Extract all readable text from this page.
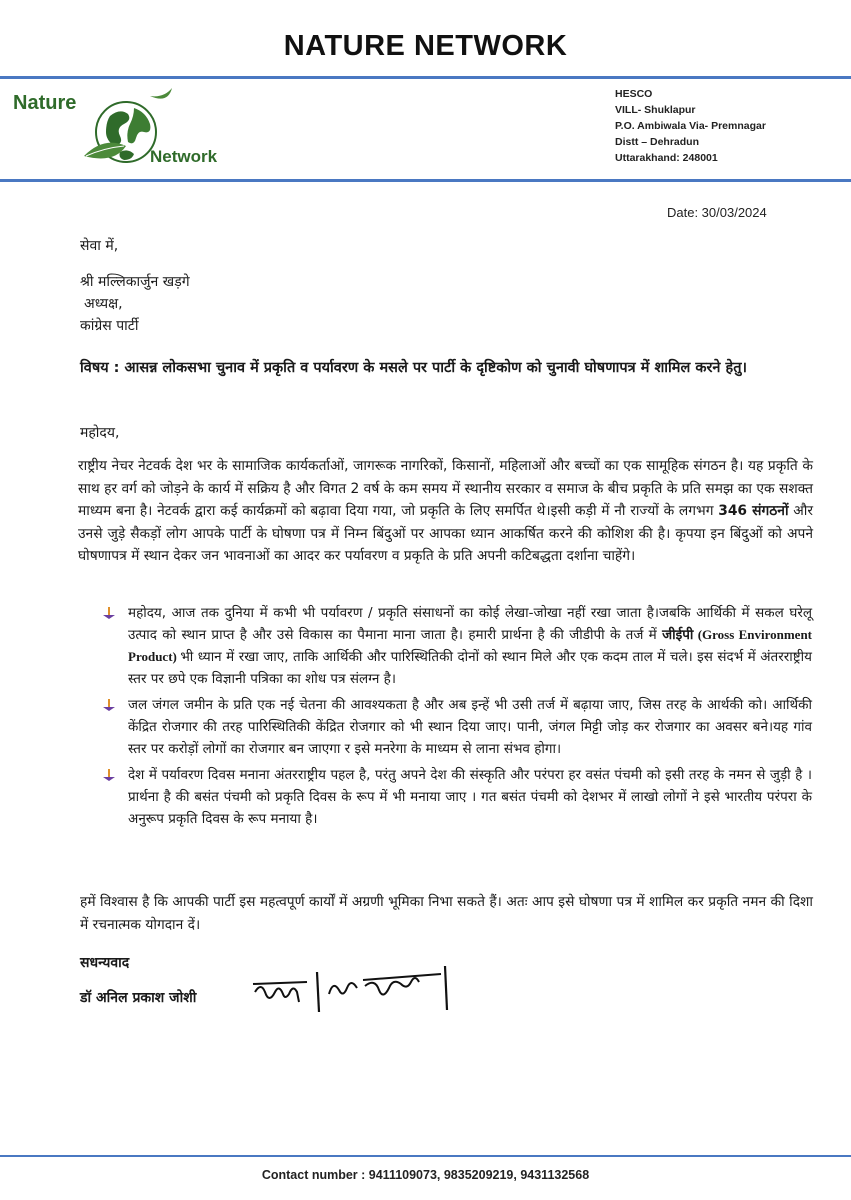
NATURE NETWORK
Nature
Network
HESCO
VILL- Shuklapur
P.O. Ambiwala Via- Premnagar
Distt – Dehradun
Uttarakhand: 248001
Date: 30/03/2024
सेवा में,
श्री मल्लिकार्जुन खड़गे
अध्यक्ष,
कांग्रेस पार्टी
विषय : आसन्न लोकसभा चुनाव में प्रकृति व पर्यावरण के मसले पर पार्टी के दृष्टिकोण को चुनावी घोषणापत्र में शामिल करने हेतु।
महोदय,
राष्ट्रीय नेचर नेटवर्क देश भर के सामाजिक कार्यकर्ताओं, जागरूक नागरिकों, किसानों, महिलाओं और बच्चों का एक सामूहिक संगठन है। यह प्रकृति के साथ हर वर्ग को जोड़ने के कार्य में सक्रिय है और विगत 2 वर्ष के कम समय में स्थानीय सरकार व समाज के बीच प्रकृति के प्रति समझ का एक सशक्त माध्यम बना है। नेटवर्क द्वारा कई कार्यक्रमों को बढ़ावा दिया गया, जो प्रकृति के लिए समर्पित थे।इसी कड़ी में नौ राज्यों के लगभग 346 संगठनों और उनसे जुड़े सैकड़ों लोग आपके पार्टी के घोषणा पत्र में निम्न बिंदुओं पर आपका ध्यान आकर्षित करने की कोशिश की है। कृपया इन बिंदुओं को अपने घोषणापत्र में स्थान देकर जन भावनाओं का आदर कर पर्यावरण व प्रकृति के प्रति अपनी कटिबद्धता दर्शाना चाहेंगे।
महोदय, आज तक दुनिया में कभी भी पर्यावरण / प्रकृति संसाधनों का कोई लेखा-जोखा नहीं रखा जाता है।जबकि आर्थिकी में सकल घरेलू उत्पाद को स्थान प्राप्त है और उसे विकास का पैमाना माना जाता है। हमारी प्रार्थना है की जीडीपी के तर्ज में जीईपी (Gross Environment Product) भी ध्यान में रखा जाए, ताकि आर्थिकी और पारिस्थितिकी दोनों को स्थान मिले और एक कदम ताल में चले। इस संदर्भ में अंतरराष्ट्रीय स्तर पर छपे एक विज्ञानी पत्रिका का शोध पत्र संलग्न है।
जल जंगल जमीन के प्रति एक नई चेतना की आवश्यकता है और अब इन्हें भी उसी तर्ज में बढ़ाया जाए, जिस तरह के आर्थकी को। आर्थिकी केंद्रित रोजगार की तरह पारिस्थितिकी केंद्रित रोजगार को भी स्थान दिया जाए। पानी, जंगल मिट्टी जोड़ कर रोजगार का अवसर बने।यह गांव स्तर पर करोड़ों लोगों का रोजगार बन जाएगा र इसे मनरेगा के माध्यम से लाना संभव होगा।
देश में पर्यावरण दिवस मनाना अंतरराष्ट्रीय पहल है, परंतु अपने देश की संस्कृति और परंपरा हर वसंत पंचमी को इसी तरह के नमन से जुड़ी है ।प्रार्थना है की बसंत पंचमी को प्रकृति दिवस के रूप में भी मनाया जाए । गत बसंत पंचमी को देशभर में लाखो लोगों ने इसे भारतीय परंपरा के अनुरूप प्रकृति दिवस के रूप मनाया है।
हमें विश्वास है कि आपकी पार्टी इस महत्वपूर्ण कार्यों में अग्रणी भूमिका निभा सकते हैं। अतः आप इसे घोषणा पत्र में शामिल कर प्रकृति नमन की दिशा में रचनात्मक योगदान दें।
सधन्यवाद
डॉ अनिल प्रकाश जोशी
Contact number : 9411109073, 9835209219, 9431132568
